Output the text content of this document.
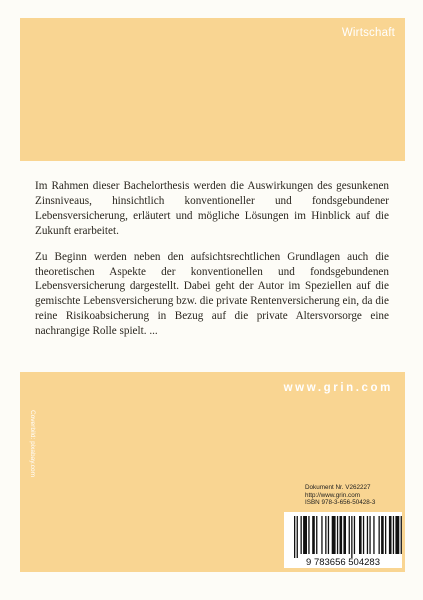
Wirtschaft

Im Rahmen dieser Bachelorthesis werden die Auswirkungen des gesunkenen Zinsniveaus, hinsichtlich konventioneller und fondsgebundener Lebensversicherung, erläutert und mögliche Lösungen im Hinblick auf die Zukunft erarbeitet.

Zu Beginn werden neben den aufsichtsrechtlichen Grundlagen auch die theoretischen Aspekte der konventionellen und fondsgebundenen Lebensversicherung dargestellt. Dabei geht der Autor im Speziellen auf die gemischte Lebensversicherung bzw. die private Rentenversicherung ein, da die reine Risikoabsicherung in Bezug auf die private Altersvorsorge eine nachrangige Rolle spielt. ...

www.grin.com
Coverbild: pixabay.com
Dokument Nr. V262227
http://www.grin.com
ISBN 978-3-656-50428-3
9 783656 504283
